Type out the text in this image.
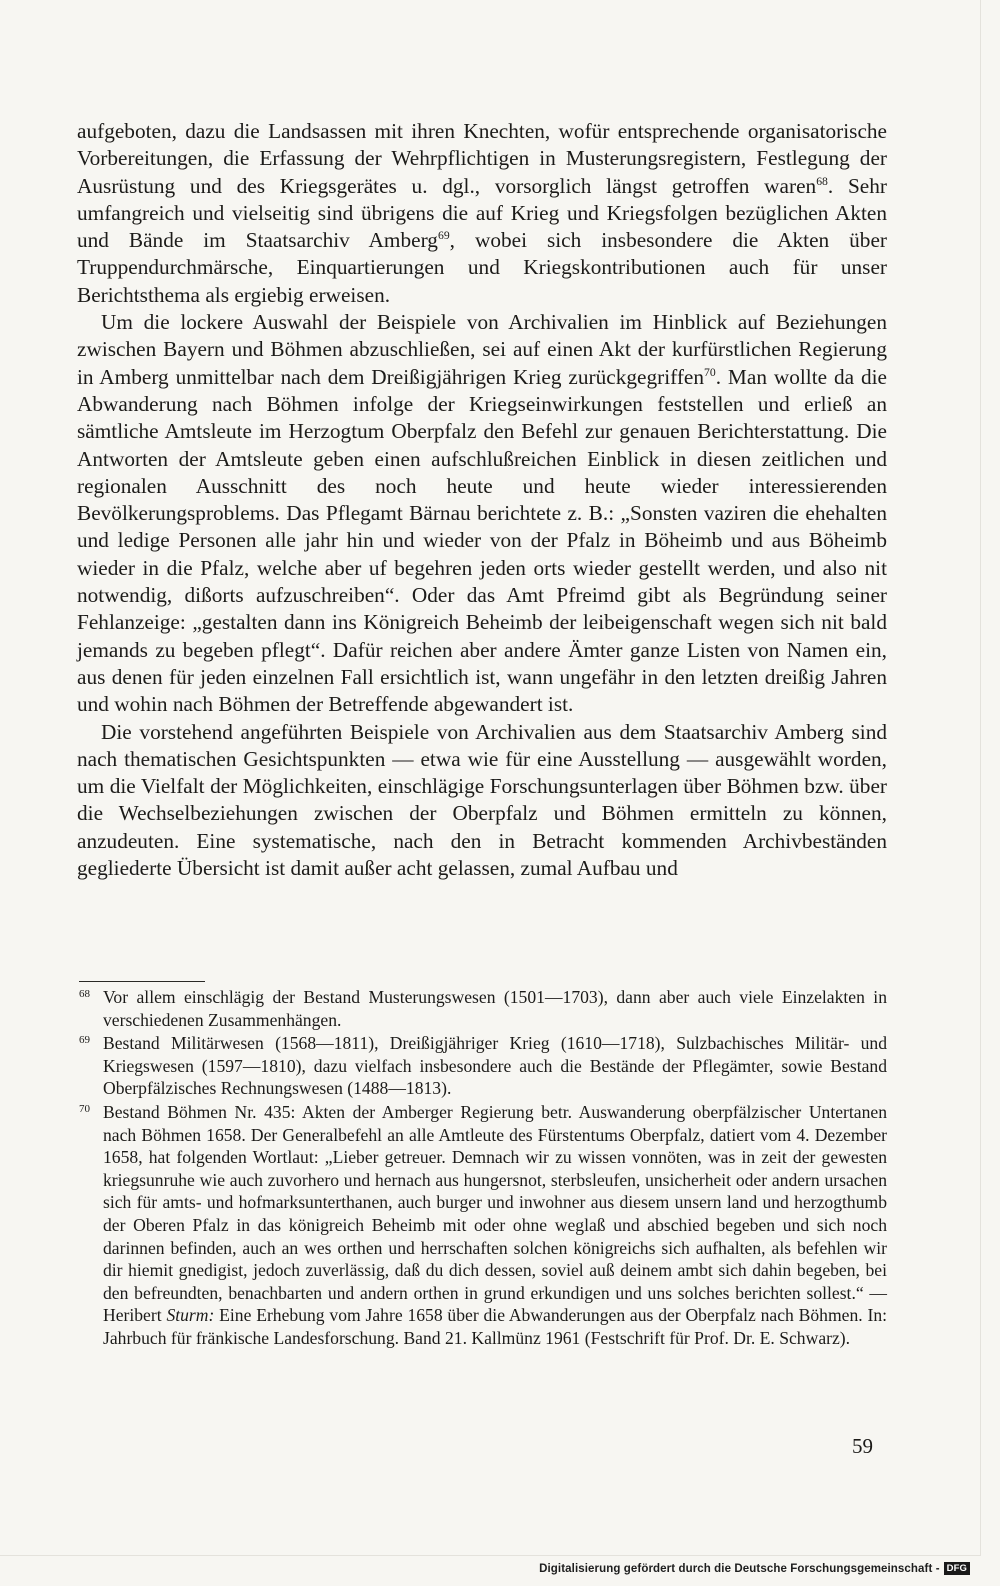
aufgeboten, dazu die Landsassen mit ihren Knechten, wofür entsprechende organisatorische Vorbereitungen, die Erfassung der Wehrpflichtigen in Musterungsregistern, Festlegung der Ausrüstung und des Kriegsgerätes u. dgl., vorsorglich längst getroffen waren$^{68}$. Sehr umfangreich und vielseitig sind übrigens die auf Krieg und Kriegsfolgen bezüglichen Akten und Bände im Staatsarchiv Amberg$^{69}$, wobei sich insbesondere die Akten über Truppendurchmärsche, Einquartierungen und Kriegskontributionen auch für unser Berichtsthema als ergiebig erweisen.

Um die lockere Auswahl der Beispiele von Archivalien im Hinblick auf Beziehungen zwischen Bayern und Böhmen abzuschließen, sei auf einen Akt der kurfürstlichen Regierung in Amberg unmittelbar nach dem Dreißigjährigen Krieg zurückgegriffen$^{70}$. Man wollte da die Abwanderung nach Böhmen infolge der Kriegseinwirkungen feststellen und erließ an sämtliche Amtsleute im Herzogtum Oberpfalz den Befehl zur genauen Berichterstattung. Die Antworten der Amtsleute geben einen aufschlußreichen Einblick in diesen zeitlichen und regionalen Ausschnitt des noch heute und heute wieder interessierenden Bevölkerungsproblems. Das Pflegamt Bärnau berichtete z. B.: „Sonsten vaziren die ehehalten und ledige Personen alle jahr hin und wieder von der Pfalz in Böheimb und aus Böheimb wieder in die Pfalz, welche aber uf begehren jeden orts wieder gestellt werden, und also nit notwendig, dißorts aufzuschreiben“. Oder das Amt Pfreimd gibt als Begründung seiner Fehlanzeige: „gestalten dann ins Königreich Beheimb der leibeigenschaft wegen sich nit bald jemands zu begeben pflegt“. Dafür reichen aber andere Ämter ganze Listen von Namen ein, aus denen für jeden einzelnen Fall ersichtlich ist, wann ungefähr in den letzten dreißig Jahren und wohin nach Böhmen der Betreffende abgewandert ist.

Die vorstehend angeführten Beispiele von Archivalien aus dem Staatsarchiv Amberg sind nach thematischen Gesichtspunkten — etwa wie für eine Ausstellung — ausgewählt worden, um die Vielfalt der Möglichkeiten, einschlägige Forschungsunterlagen über Böhmen bzw. über die Wechselbeziehungen zwischen der Oberpfalz und Böhmen ermitteln zu können, anzudeuten. Eine systematische, nach den in Betracht kommenden Archivbeständen gegliederte Übersicht ist damit außer acht gelassen, zumal Aufbau und

68 Vor allem einschlägig der Bestand Musterungswesen (1501—1703), dann aber auch viele Einzelakten in verschiedenen Zusammenhängen.
69 Bestand Militärwesen (1568—1811), Dreißigjähriger Krieg (1610—1718), Sulzbachisches Militär- und Kriegswesen (1597—1810), dazu vielfach insbesondere auch die Bestände der Pflegämter, sowie Bestand Oberpfälzisches Rechnungswesen (1488—1813).
70 Bestand Böhmen Nr. 435: Akten der Amberger Regierung betr. Auswanderung oberpfälzischer Untertanen nach Böhmen 1658. Der Generalbefehl an alle Amtleute des Fürstentums Oberpfalz, datiert vom 4. Dezember 1658, hat folgenden Wortlaut: „Lieber getreuer. Demnach wir zu wissen vonnöten, was in zeit der gewesten kriegsunruhe wie auch zuvorhero und hernach aus hungersnot, sterbsleufen, unsicherheit oder andern ursachen sich für amts- und hofmarksunterthanen, auch burger und inwohner aus diesem unsern land und herzogthumb der Oberen Pfalz in das königreich Beheimb mit oder ohne weglaß und abschied begeben und sich noch darinnen befinden, auch an wes orthen und herrschaften solchen königreichs sich aufhalten, als befehlen wir dir hiemit gnedigist, jedoch zuverlässig, daß du dich dessen, soviel auß deinem ambt sich dahin begeben, bei den befreundten, benachbarten und andern orthen in grund erkundigen und uns solches berichten sollest.“ — Heribert Sturm: Eine Erhebung vom Jahre 1658 über die Abwanderungen aus der Oberpfalz nach Böhmen. In: Jahrbuch für fränkische Landesforschung. Band 21. Kallmünz 1961 (Festschrift für Prof. Dr. E. Schwarz).
59
Digitalisierung gefördert durch die Deutsche Forschungsgemeinschaft - DFG
